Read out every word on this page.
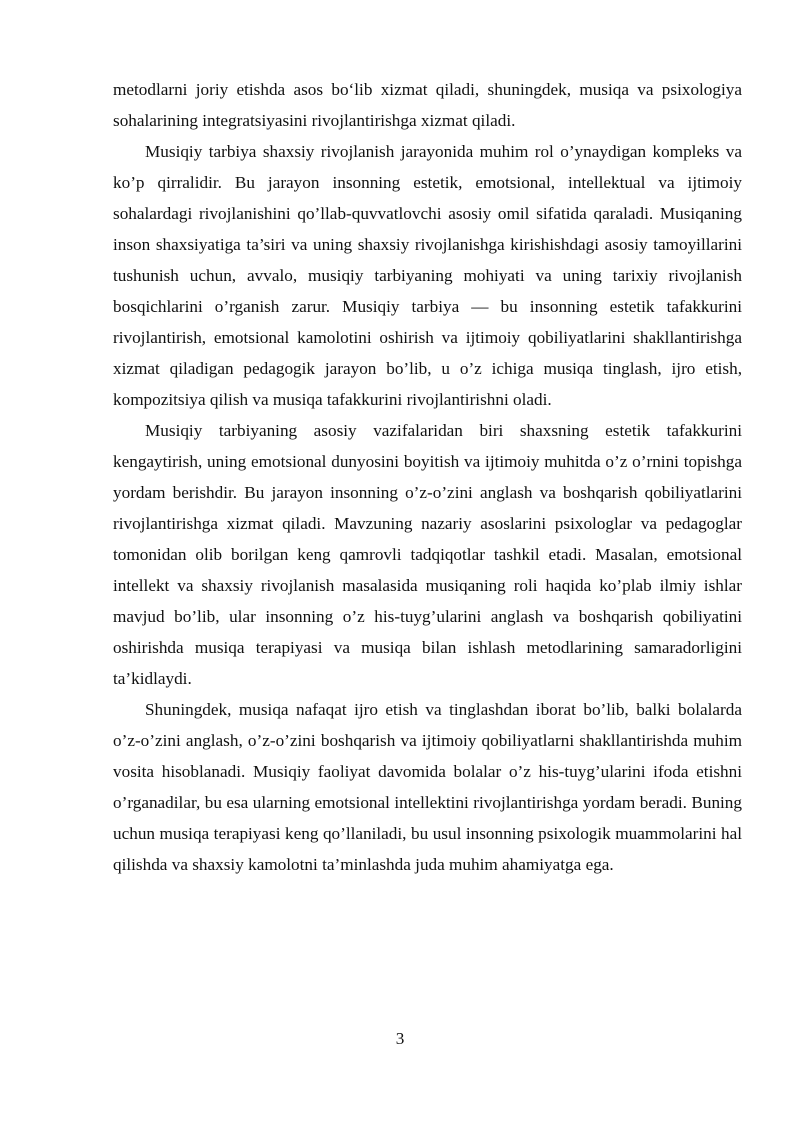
metodlarni joriy etishda asos bo‘lib xizmat qiladi, shuningdek, musiqa va psixologiya sohalarining integratsiyasini rivojlantirishga xizmat qiladi.

Musiqiy tarbiya shaxsiy rivojlanish jarayonida muhim rol o’ynaydigan kompleks va ko’p qirralidir. Bu jarayon insonning estetik, emotsional, intellektual va ijtimoiy sohalardagi rivojlanishini qo’llab-quvvatlovchi asosiy omil sifatida qaraladi. Musiqaning inson shaxsiyatiga ta’siri va uning shaxsiy rivojlanishga kirishishdagi asosiy tamoyillarini tushunish uchun, avvalo, musiqiy tarbiyaning mohiyati va uning tarixiy rivojlanish bosqichlarini o’rganish zarur. Musiqiy tarbiya — bu insonning estetik tafakkurini rivojlantirish, emotsional kamolotini oshirish va ijtimoiy qobiliyatlarini shakllantirishga xizmat qiladigan pedagogik jarayon bo’lib, u o’z ichiga musiqa tinglash, ijro etish, kompozitsiya qilish va musiqa tafakkurini rivojlantirishni oladi.

Musiqiy tarbiyaning asosiy vazifalaridan biri shaxsning estetik tafakkurini kengaytirish, uning emotsional dunyosini boyitish va ijtimoiy muhitda o’z o’rnini topishga yordam berishdir. Bu jarayon insonning o’z-o’zini anglash va boshqarish qobiliyatlarini rivojlantirishga xizmat qiladi. Mavzuning nazariy asoslarini psixologlar va pedagoglar tomonidan olib borilgan keng qamrovli tadqiqotlar tashkil etadi. Masalan, emotsional intellekt va shaxsiy rivojlanish masalasida musiqaning roli haqida ko’plab ilmiy ishlar mavjud bo’lib, ular insonning o’z his-tuyg’ularini anglash va boshqarish qobiliyatini oshirishda musiqa terapiyasi va musiqa bilan ishlash metodlarining samaradorligini ta’kidlaydi.

Shuningdek, musiqa nafaqat ijro etish va tinglashdan iborat bo’lib, balki bolalarda o’z-o’zini anglash, o’z-o’zini boshqarish va ijtimoiy qobiliyatlarni shakllantirishda muhim vosita hisoblanadi. Musiqiy faoliyat davomida bolalar o’z his-tuyg’ularini ifoda etishni o’rganadilar, bu esa ularning emotsional intellektini rivojlantirishga yordam beradi. Buning uchun musiqa terapiyasi keng qo’llaniladi, bu usul insonning psixologik muammolarini hal qilishda va shaxsiy kamolotni ta’minlashda juda muhim ahamiyatga ega.

3
